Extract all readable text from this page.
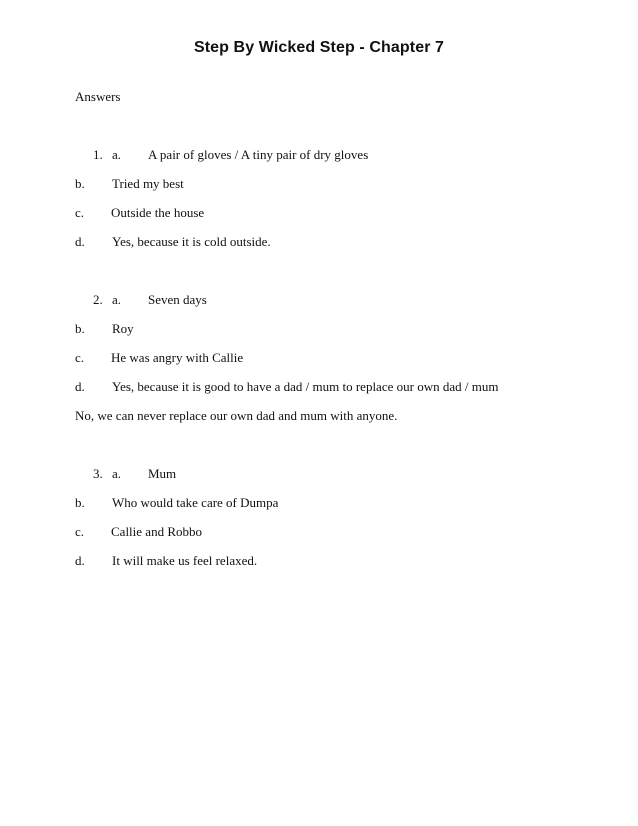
Step By Wicked Step - Chapter 7
Answers
1. a. A pair of gloves / A tiny pair of dry gloves
b. Tried my best
c. Outside the house
d. Yes, because it is cold outside.
2. a. Seven days
b. Roy
c. He was angry with Callie
d. Yes, because it is good to have a dad / mum to replace our own dad / mum
No, we can never replace our own dad and mum with anyone.
3. a. Mum
b. Who would take care of Dumpa
c. Callie and Robbo
d. It will make us feel relaxed.
